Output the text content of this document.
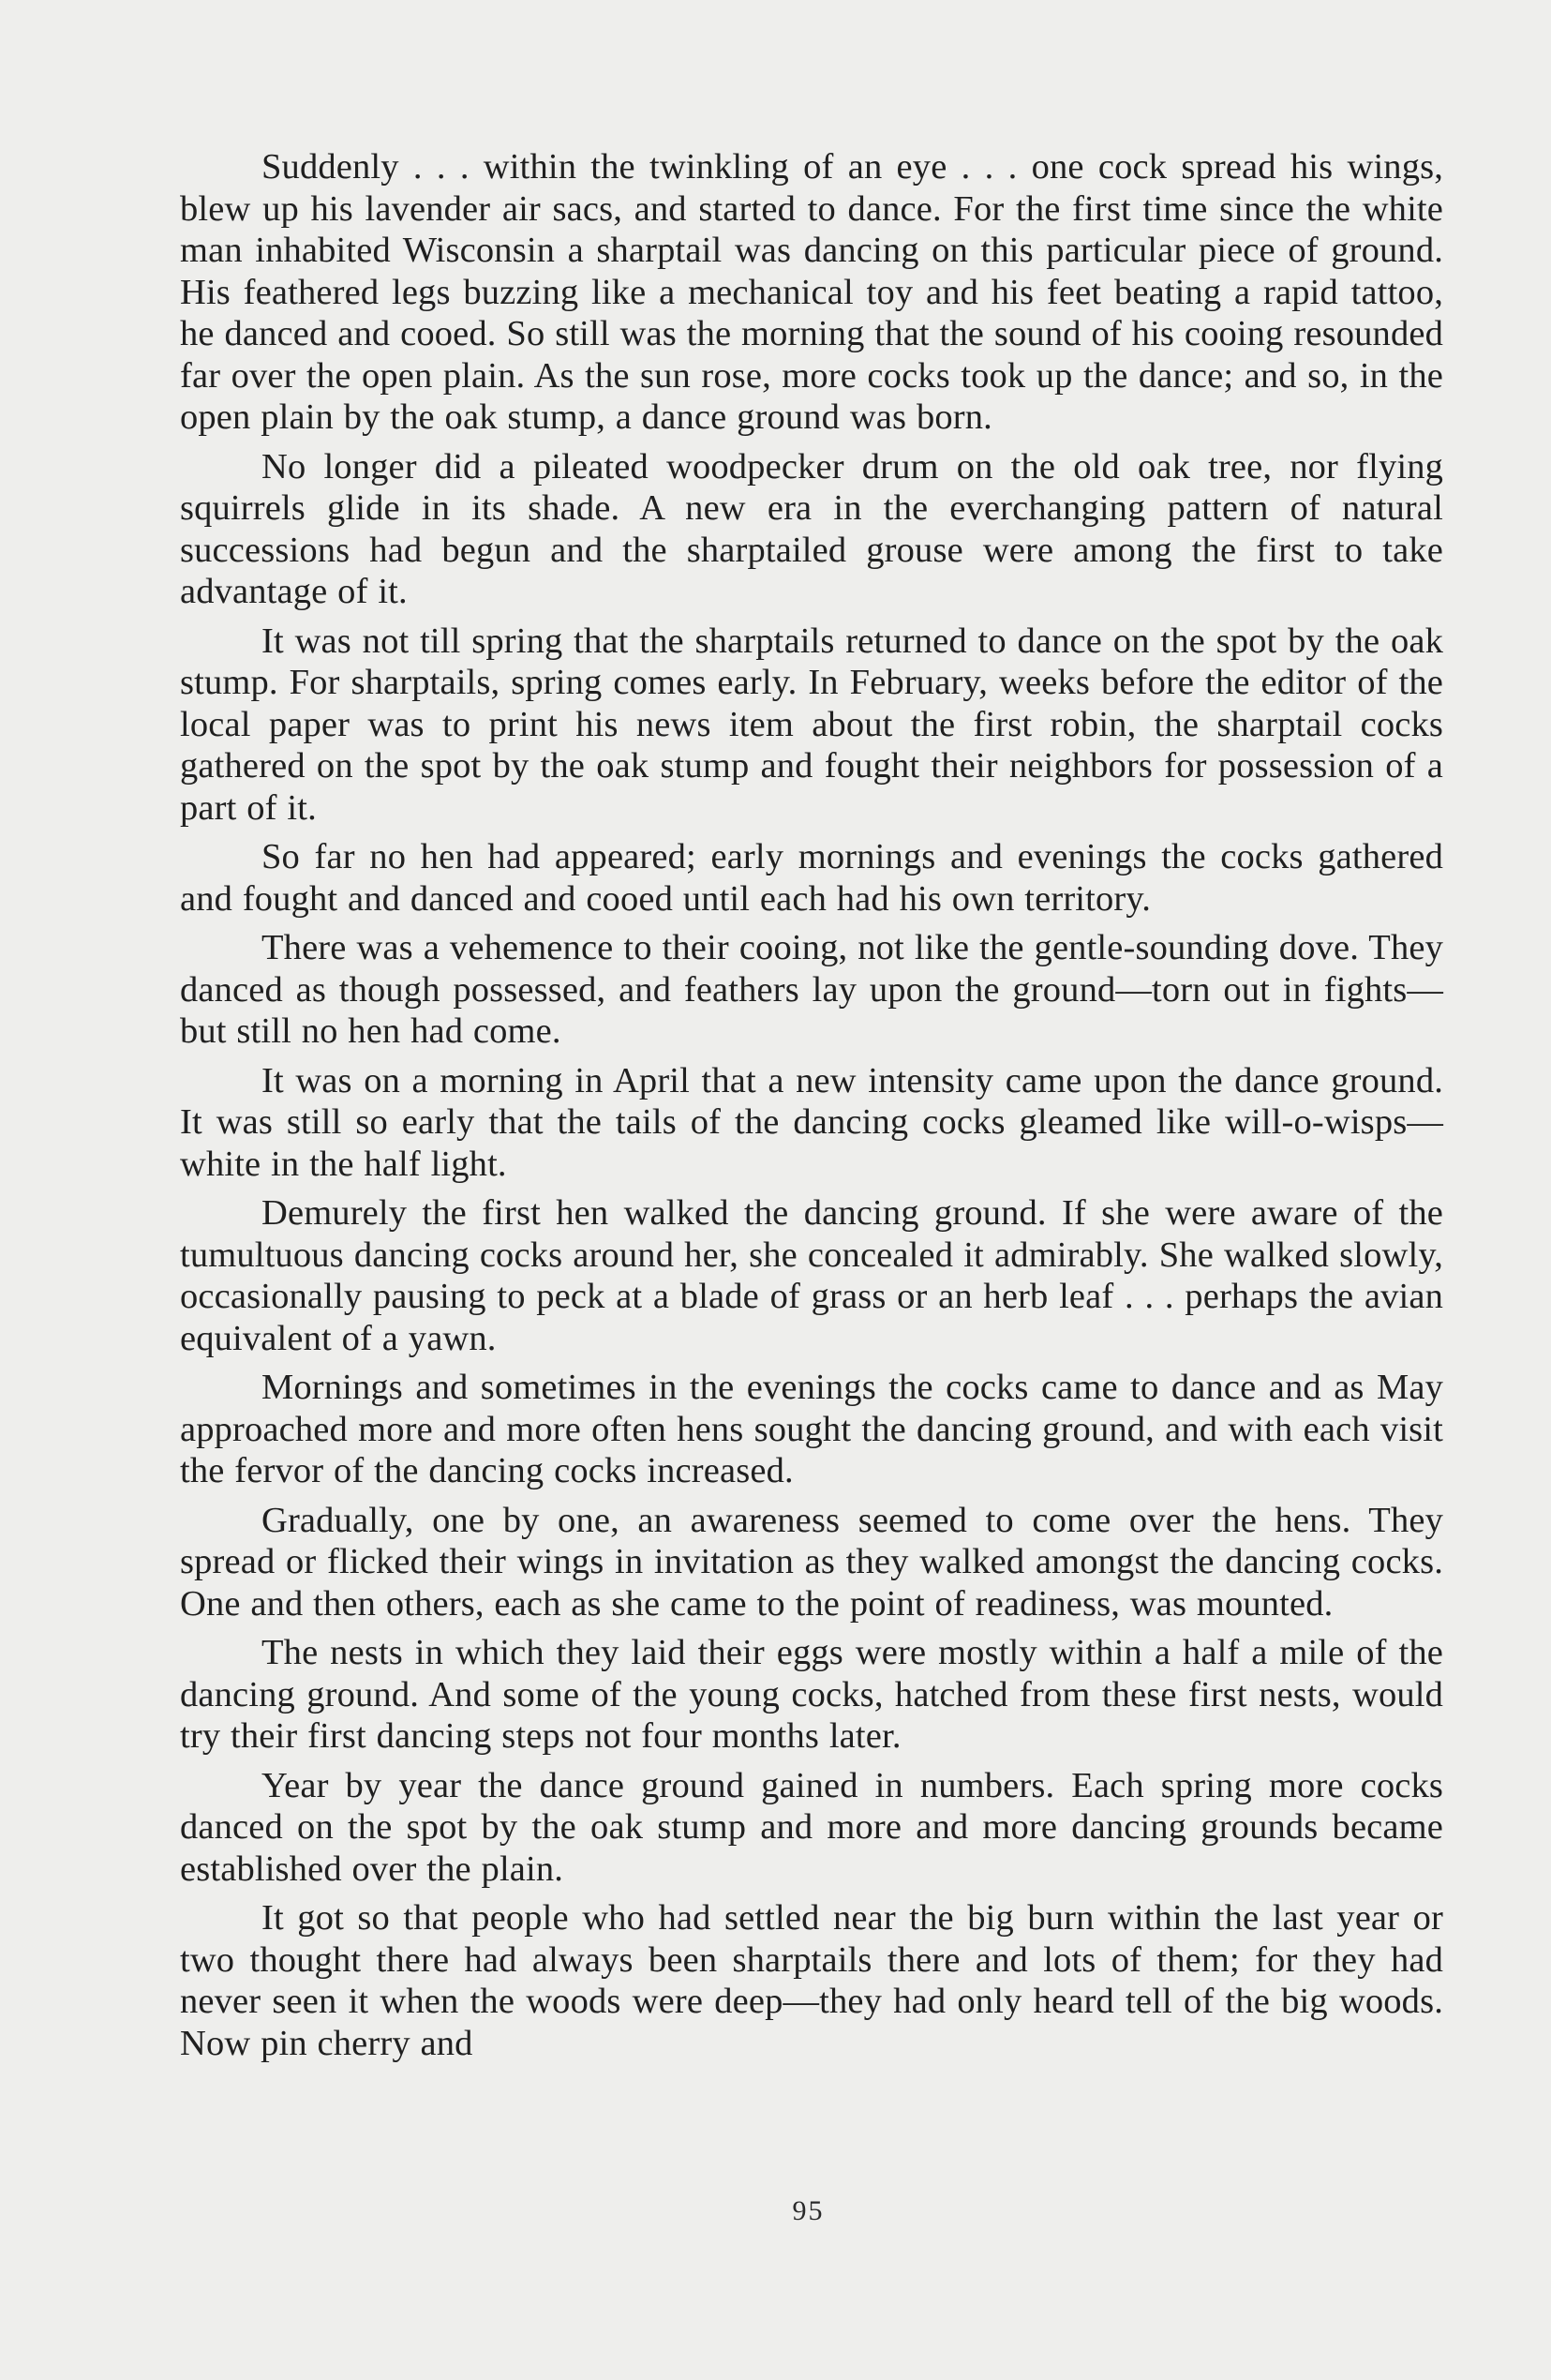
Suddenly . . . within the twinkling of an eye . . . one cock spread his wings, blew up his lavender air sacs, and started to dance. For the first time since the white man inhabited Wisconsin a sharptail was dancing on this particular piece of ground. His feathered legs buzzing like a mechanical toy and his feet beating a rapid tattoo, he danced and cooed. So still was the morning that the sound of his cooing resounded far over the open plain. As the sun rose, more cocks took up the dance; and so, in the open plain by the oak stump, a dance ground was born.

No longer did a pileated woodpecker drum on the old oak tree, nor flying squirrels glide in its shade. A new era in the everchanging pattern of natural successions had begun and the sharptailed grouse were among the first to take advantage of it.

It was not till spring that the sharptails returned to dance on the spot by the oak stump. For sharptails, spring comes early. In February, weeks before the editor of the local paper was to print his news item about the first robin, the sharptail cocks gathered on the spot by the oak stump and fought their neighbors for possession of a part of it.

So far no hen had appeared; early mornings and evenings the cocks gathered and fought and danced and cooed until each had his own territory.

There was a vehemence to their cooing, not like the gentle-sounding dove. They danced as though possessed, and feathers lay upon the ground—torn out in fights—but still no hen had come.

It was on a morning in April that a new intensity came upon the dance ground. It was still so early that the tails of the dancing cocks gleamed like will-o-wisps—white in the half light.

Demurely the first hen walked the dancing ground. If she were aware of the tumultuous dancing cocks around her, she concealed it admirably. She walked slowly, occasionally pausing to peck at a blade of grass or an herb leaf . . . perhaps the avian equivalent of a yawn.

Mornings and sometimes in the evenings the cocks came to dance and as May approached more and more often hens sought the dancing ground, and with each visit the fervor of the dancing cocks increased.

Gradually, one by one, an awareness seemed to come over the hens. They spread or flicked their wings in invitation as they walked amongst the dancing cocks. One and then others, each as she came to the point of readiness, was mounted.

The nests in which they laid their eggs were mostly within a half a mile of the dancing ground. And some of the young cocks, hatched from these first nests, would try their first dancing steps not four months later.

Year by year the dance ground gained in numbers. Each spring more cocks danced on the spot by the oak stump and more and more dancing grounds became established over the plain.

It got so that people who had settled near the big burn within the last year or two thought there had always been sharptails there and lots of them; for they had never seen it when the woods were deep—they had only heard tell of the big woods. Now pin cherry and

95
